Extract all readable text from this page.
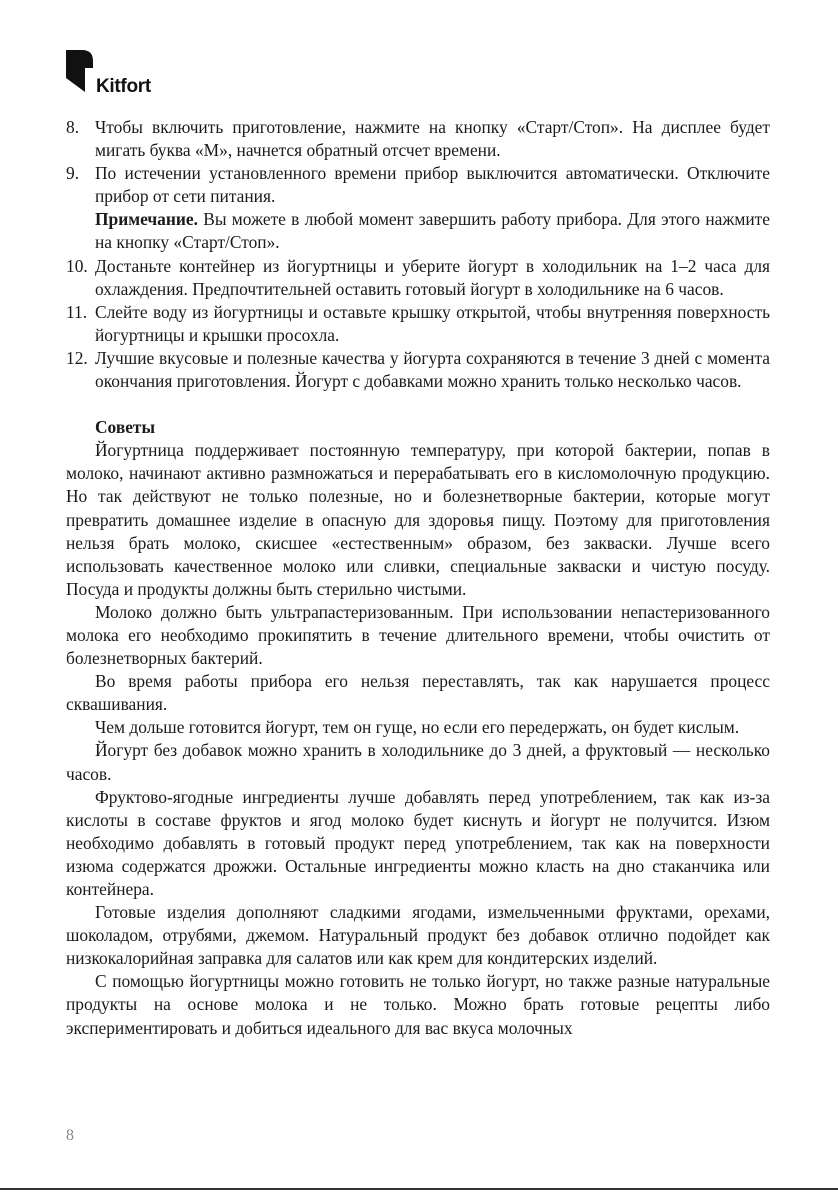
Kitfort
8. Чтобы включить приготовление, нажмите на кнопку «Старт/Стоп». На дисплее будет мигать буква «М», начнется обратный отсчет времени.

9. По истечении установленного времени прибор выключится автоматически. Отключите прибор от сети питания.

Примечание. Вы можете в любой момент завершить работу прибора. Для этого нажмите на кнопку «Старт/Стоп».

10. Достаньте контейнер из йогуртницы и уберите йогурт в холодильник на 1–2 часа для охлаждения. Предпочтительней оставить готовый йогурт в холодильнике на 6 часов.

11. Слейте воду из йогуртницы и оставьте крышку открытой, чтобы внутренняя поверхность йогуртницы и крышки просохла.

12. Лучшие вкусовые и полезные качества у йогурта сохраняются в течение 3 дней с момента окончания приготовления. Йогурт с добавками можно хранить только несколько часов.

Советы

Йогуртница поддерживает постоянную температуру, при которой бактерии, попав в молоко, начинают активно размножаться и перерабатывать его в кисломолочную продукцию. Но так действуют не только полезные, но и болезнетворные бактерии, которые могут превратить домашнее изделие в опасную для здоровья пищу. Поэтому для приготовления нельзя брать молоко, скисшее «естественным» образом, без закваски. Лучше всего использовать качественное молоко или сливки, специальные закваски и чистую посуду. Посуда и продукты должны быть стерильно чистыми.

Молоко должно быть ультрапастеризованным. При использовании непастеризованного молока его необходимо прокипятить в течение длительного времени, чтобы очистить от болезнетворных бактерий.

Во время работы прибора его нельзя переставлять, так как нарушается процесс сквашивания.

Чем дольше готовится йогурт, тем он гуще, но если его передержать, он будет кислым.

Йогурт без добавок можно хранить в холодильнике до 3 дней, а фруктовый — несколько часов.

Фруктово-ягодные ингредиенты лучше добавлять перед употреблением, так как из-за кислоты в составе фруктов и ягод молоко будет киснуть и йогурт не получится. Изюм необходимо добавлять в готовый продукт перед употреблением, так как на поверхности изюма содержатся дрожжи. Остальные ингредиенты можно класть на дно стаканчика или контейнера.

Готовые изделия дополняют сладкими ягодами, измельченными фруктами, орехами, шоколадом, отрубями, джемом. Натуральный продукт без добавок отлично подойдет как низкокалорийная заправка для салатов или как крем для кондитерских изделий.

С помощью йогуртницы можно готовить не только йогурт, но также разные натуральные продукты на основе молока и не только. Можно брать готовые рецепты либо экспериментировать и добиться идеального для вас вкуса молочных

8
